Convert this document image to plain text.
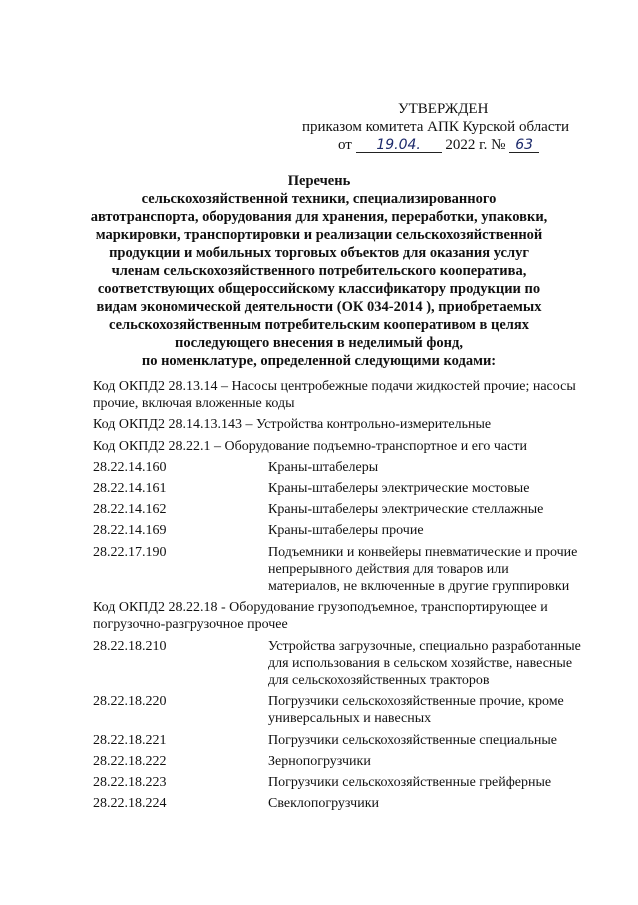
УТВЕРЖДЕН
приказом комитета АПК Курской области
от 19.04. 2022 г. № 63
Перечень
сельскохозяйственной техники, специализированного автотранспорта, оборудования для хранения, переработки, упаковки, маркировки, транспортировки и реализации сельскохозяйственной продукции и мобильных торговых объектов для оказания услуг членам сельскохозяйственного потребительского кооператива, соответствующих общероссийскому классификатору продукции по видам экономической деятельности (ОК 034-2014 ), приобретаемых сельскохозяйственным потребительским кооперативом в целях последующего внесения в неделимый фонд,
по номенклатуре, определенной следующими кодами:
Код ОКПД2 28.13.14 – Насосы центробежные подачи жидкостей прочие; насосы прочие, включая вложенные коды
Код ОКПД2 28.14.13.143 – Устройства контрольно-измерительные
Код ОКПД2 28.22.1 – Оборудование подъемно-транспортное и его части
28.22.14.160	Краны-штабелеры
28.22.14.161	Краны-штабелеры электрические мостовые
28.22.14.162	Краны-штабелеры электрические стеллажные
28.22.14.169	Краны-штабелеры прочие
28.22.17.190	Подъемники и конвейеры пневматические и прочие непрерывного действия для товаров или материалов, не включенные в другие группировки
Код ОКПД2 28.22.18 - Оборудование грузоподъемное, транспортирующее и погрузочно-разгрузочное прочее
28.22.18.210	Устройства загрузочные, специально разработанные для использования в сельском хозяйстве, навесные для сельскохозяйственных тракторов
28.22.18.220	Погрузчики сельскохозяйственные прочие, кроме универсальных и навесных
28.22.18.221	Погрузчики сельскохозяйственные специальные
28.22.18.222	Зернопогрузчики
28.22.18.223	Погрузчики сельскохозяйственные грейферные
28.22.18.224	Свеклопогрузчики
